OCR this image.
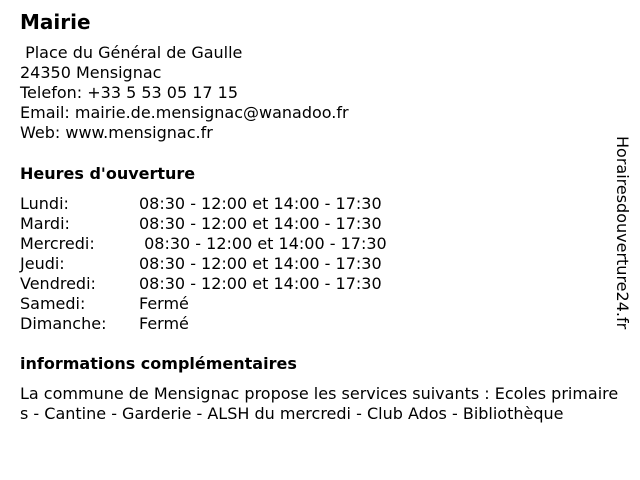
Mairie
Place du Général de Gaulle
24350 Mensignac
Telefon: +33 5 53 05 17 15
Email: mairie.de.mensignac@wanadoo.fr
Web: www.mensignac.fr
Heures d'ouverture
Lundi:	08:30 - 12:00 et 14:00 - 17:30
Mardi:	08:30 - 12:00 et 14:00 - 17:30
Mercredi:	08:30 - 12:00 et 14:00 - 17:30
Jeudi:	08:30 - 12:00 et 14:00 - 17:30
Vendredi:	08:30 - 12:00 et 14:00 - 17:30
Samedi:	Fermé
Dimanche: Fermé
informations complémentaires
La commune de Mensignac propose les services suivants : Ecoles primaires - Cantine - Garderie - ALSH du mercredi - Club Ados - Bibliothèque
Horairesdouverture24.fr
